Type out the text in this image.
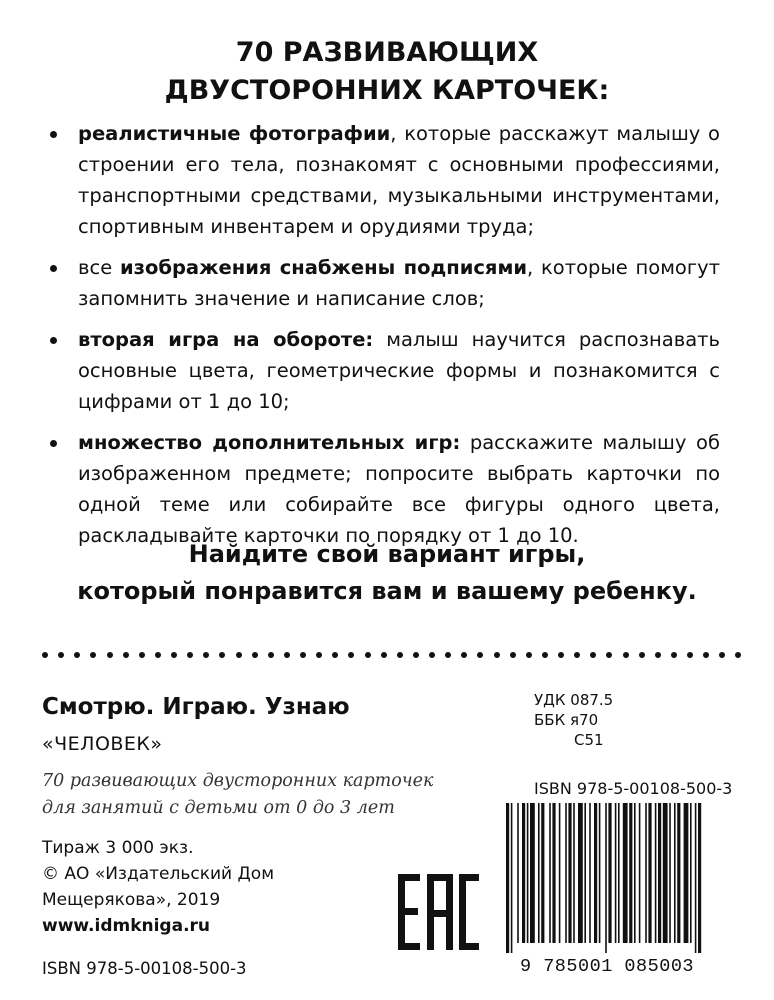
70 РАЗВИВАЮЩИХ
ДВУСТОРОННИХ КАРТОЧЕК:
реалистичные фотографии, которые расскажут малышу о строении его тела, познакомят с основными профессиями, транспортными средствами, музыкальными инструментами, спортивным инвентарем и орудиями труда;
все изображения снабжены подписями, которые помогут запомнить значение и написание слов;
вторая игра на обороте: малыш научится распознавать основные цвета, геометрические формы и познакомится с цифрами от 1 до 10;
множество дополнительных игр: расскажите малышу об изображенном предмете; попросите выбрать карточки по одной теме или собирайте все фигуры одного цвета, раскладывайте карточки по порядку от 1 до 10.
Найдите свой вариант игры,
который понравится вам и вашему ребенку.
Смотрю. Играю. Узнаю
«ЧЕЛОВЕК»
70 развивающих двусторонних карточек
для занятий с детьми от 0 до 3 лет
Тираж 3 000 экз.
© АО «Издательский Дом
Мещерякова», 2019
www.idmkniga.ru
ISBN 978-5-00108-500-3
УДК 087.5
ББК я70
С51
ISBN 978-5-00108-500-3
9 785001 085003
